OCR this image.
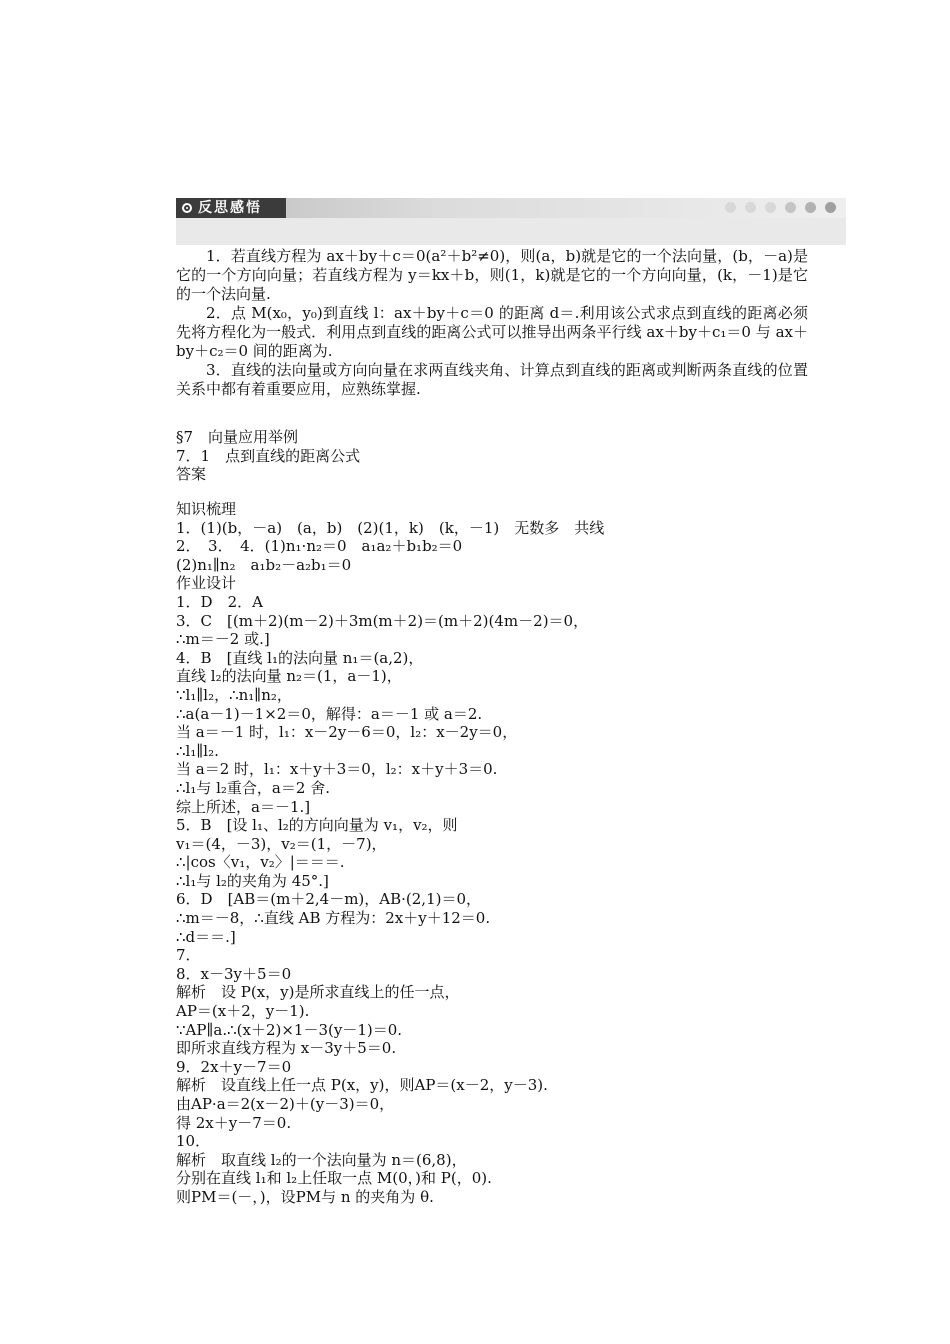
反思感悟

1．若直线方程为 ax＋by＋c＝0(a²＋b²≠0)，则(a，b)就是它的一个法向量，(b，－a)是它的一个方向向量；若直线方程为 y＝kx＋b，则(1，k)就是它的一个方向向量，(k，－1)是它的一个法向量.

2．点 M(x₀，y₀)到直线 l：ax＋by＋c＝0 的距离 d＝.利用该公式求点到直线的距离必须先将方程化为一般式．利用点到直线的距离公式可以推导出两条平行线 ax＋by＋c₁＝0 与 ax＋by＋c₂＝0 间的距离为.

3．直线的法向量或方向向量在求两直线夹角、计算点到直线的距离或判断两条直线的位置关系中都有着重要应用，应熟练掌握.

§7　向量应用举例
7．1　点到直线的距离公式
答案
知识梳理
1．(1)(b，－a)　(a，b)　(2)(1，k)　(k，－1)　无数多　共线
2．　3．　4．(1)n₁·n₂＝0　a₁a₂＋b₁b₂＝0
(2)n₁∥n₂　a₁b₂－a₂b₁＝0
作业设计
1．D　2．A
3．C　[(m＋2)(m－2)＋3m(m＋2)＝(m＋2)(4m－2)＝0，
∴m＝－2 或.]
4．B　[直线 l₁的法向量 n₁＝(a,2)，
直线 l₂的法向量 n₂＝(1，a－1)，
∵l₁∥l₂，∴n₁∥n₂，
∴a(a－1)－1×2＝0，解得：a＝－1 或 a＝2.
当 a＝－1 时，l₁：x－2y－6＝0，l₂：x－2y＝0，
∴l₁∥l₂.
当 a＝2 时，l₁：x＋y＋3＝0，l₂：x＋y＋3＝0.
∴l₁与 l₂重合，a＝2 舍.
综上所述，a＝－1.]
5．B　[设 l₁、l₂的方向向量为 v₁，v₂，则
v₁＝(4，－3)，v₂＝(1，－7)，
∴|cos〈v₁，v₂〉|＝＝＝.
∴l₁与 l₂的夹角为 45°.]
6．D　[AB＝(m＋2,4－m)，AB·(2,1)＝0，
∴m＝－8，∴直线 AB 方程为：2x＋y＋12＝0.
∴d＝＝.]
7．
8．x－3y＋5＝0
解析　设 P(x，y)是所求直线上的任一点，
AP＝(x＋2，y－1).
∵AP∥a.∴(x＋2)×1－3(y－1)＝0.
即所求直线方程为 x－3y＋5＝0.
9．2x＋y－7＝0
解析　设直线上任一点 P(x，y)，则AP＝(x－2，y－3).
由AP·a＝2(x－2)＋(y－3)＝0，
得 2x＋y－7＝0.
10．
解析　取直线 l₂的一个法向量为 n＝(6,8)，
分别在直线 l₁和 l₂上任取一点 M(0，)和 P(，0).
则PM＝(－，)，设PM与 n 的夹角为 θ.
